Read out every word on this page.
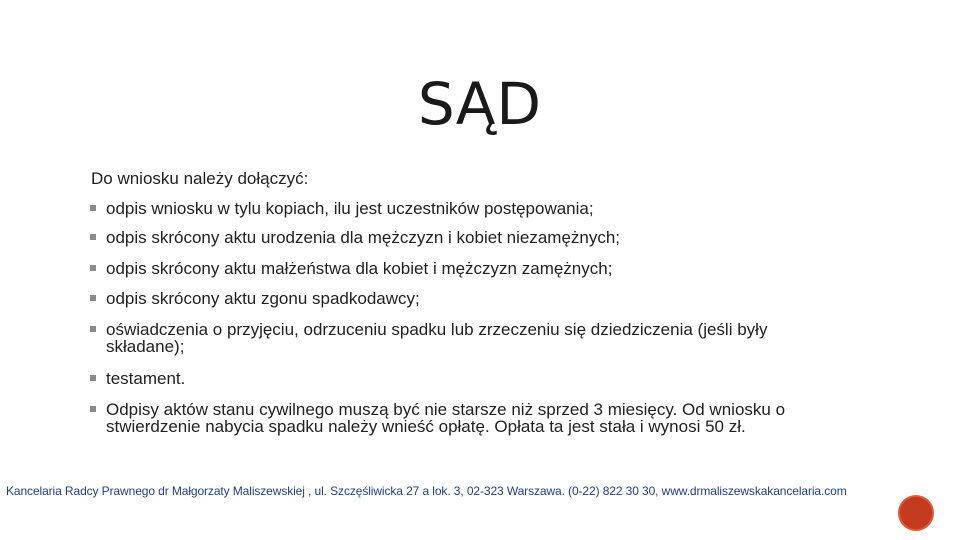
SĄD
Do wniosku należy dołączyć:
odpis wniosku w tylu kopiach, ilu jest uczestników postępowania;
odpis skrócony aktu urodzenia dla mężczyzn i kobiet niezamężnych;
odpis skrócony aktu małżeństwa dla kobiet i mężczyzn zamężnych;
odpis skrócony aktu zgonu spadkodawcy;
oświadczenia o przyjęciu, odrzuceniu spadku lub zrzeczeniu się dziedziczenia (jeśli były składane);
testament.
Odpisy aktów stanu cywilnego muszą być nie starsze niż sprzed 3 miesięcy. Od wniosku o stwierdzenie nabycia spadku należy wnieść opłatę. Opłata ta jest stała i wynosi 50 zł.
Kancelaria Radcy Prawnego dr Małgorzaty Maliszewskiej , ul. Szczęśliwicka 27 a lok. 3, 02-323 Warszawa. (0-22) 822 30 30, www.drmaliszewskakancelaria.com
